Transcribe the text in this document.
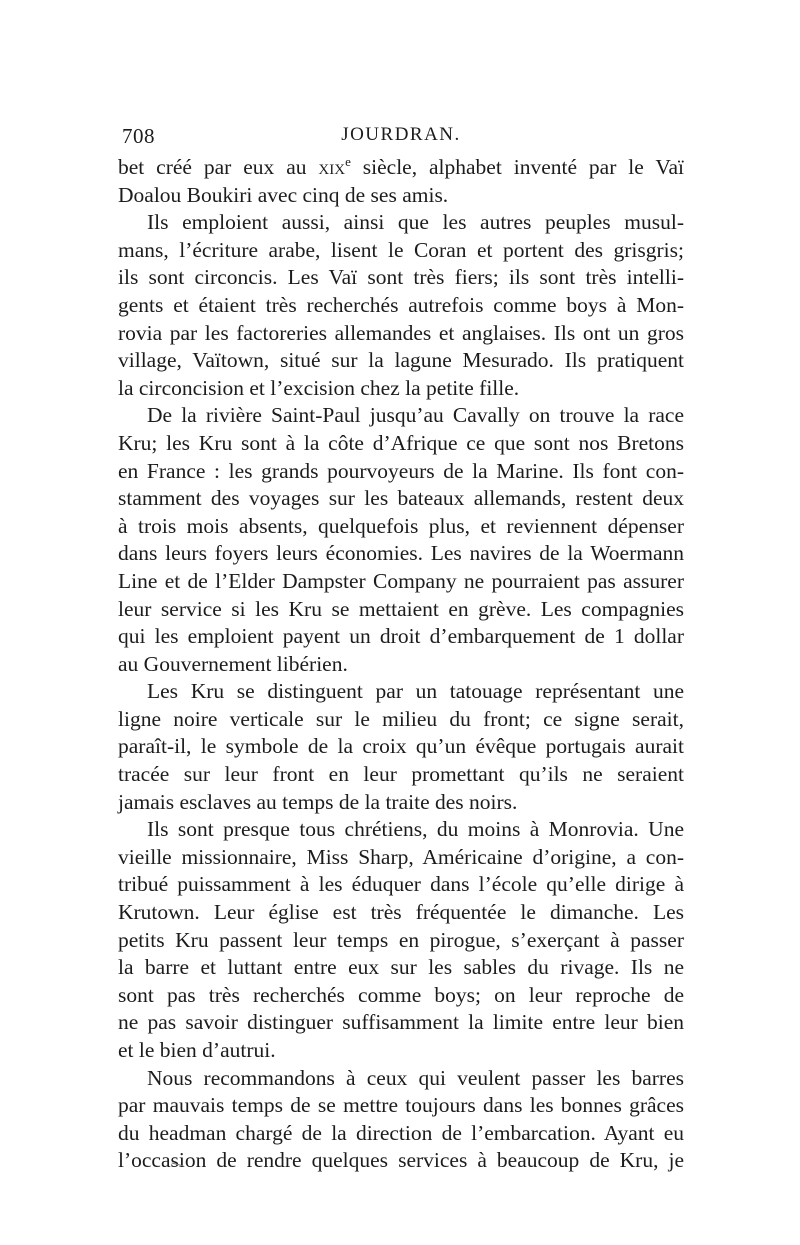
708	JOURDRAN.
bet créé par eux au xix$^e$ siècle, alphabet inventé par le Vaï
Doalou Boukiri avec cinq de ses amis.
Ils emploient aussi, ainsi que les autres peuples musul-
mans, l’écriture arabe, lisent le Coran et portent des grisgris;
ils sont circoncis. Les Vaï sont très fiers; ils sont très intelli-
gents et étaient très recherchés autrefois comme boys à Mon-
rovia par les factoreries allemandes et anglaises. Ils ont un gros
village, Vaïtown, situé sur la lagune Mesurado. Ils pratiquent
la circoncision et l’excision chez la petite fille.
De la rivière Saint-Paul jusqu’au Cavally on trouve la race
Kru; les Kru sont à la côte d’Afrique ce que sont nos Bretons
en France : les grands pourvoyeurs de la Marine. Ils font con-
stamment des voyages sur les bateaux allemands, restent deux
à trois mois absents, quelquefois plus, et reviennent dépenser
dans leurs foyers leurs économies. Les navires de la Woermann
Line et de l’Elder Dampster Company ne pourraient pas assurer
leur service si les Kru se mettaient en grève. Les compagnies
qui les emploient payent un droit d’embarquement de 1 dollar
au Gouvernement libérien.
Les Kru se distinguent par un tatouage représentant une
ligne noire verticale sur le milieu du front; ce signe serait,
paraît-il, le symbole de la croix qu’un évêque portugais aurait
tracée sur leur front en leur promettant qu’ils ne seraient
jamais esclaves au temps de la traite des noirs.
Ils sont presque tous chrétiens, du moins à Monrovia. Une
vieille missionnaire, Miss Sharp, Américaine d’origine, a con-
tribué puissamment à les éduquer dans l’école qu’elle dirige à
Krutown. Leur église est très fréquentée le dimanche. Les
petits Kru passent leur temps en pirogue, s’exerçant à passer
la barre et luttant entre eux sur les sables du rivage. Ils ne
sont pas très recherchés comme boys; on leur reproche de
ne pas savoir distinguer suffisamment la limite entre leur bien
et le bien d’autrui.
Nous recommandons à ceux qui veulent passer les barres
par mauvais temps de se mettre toujours dans les bonnes grâces
du headman chargé de la direction de l’embarcation. Ayant eu
l’occasion de rendre quelques services à beaucoup de Kru, je
